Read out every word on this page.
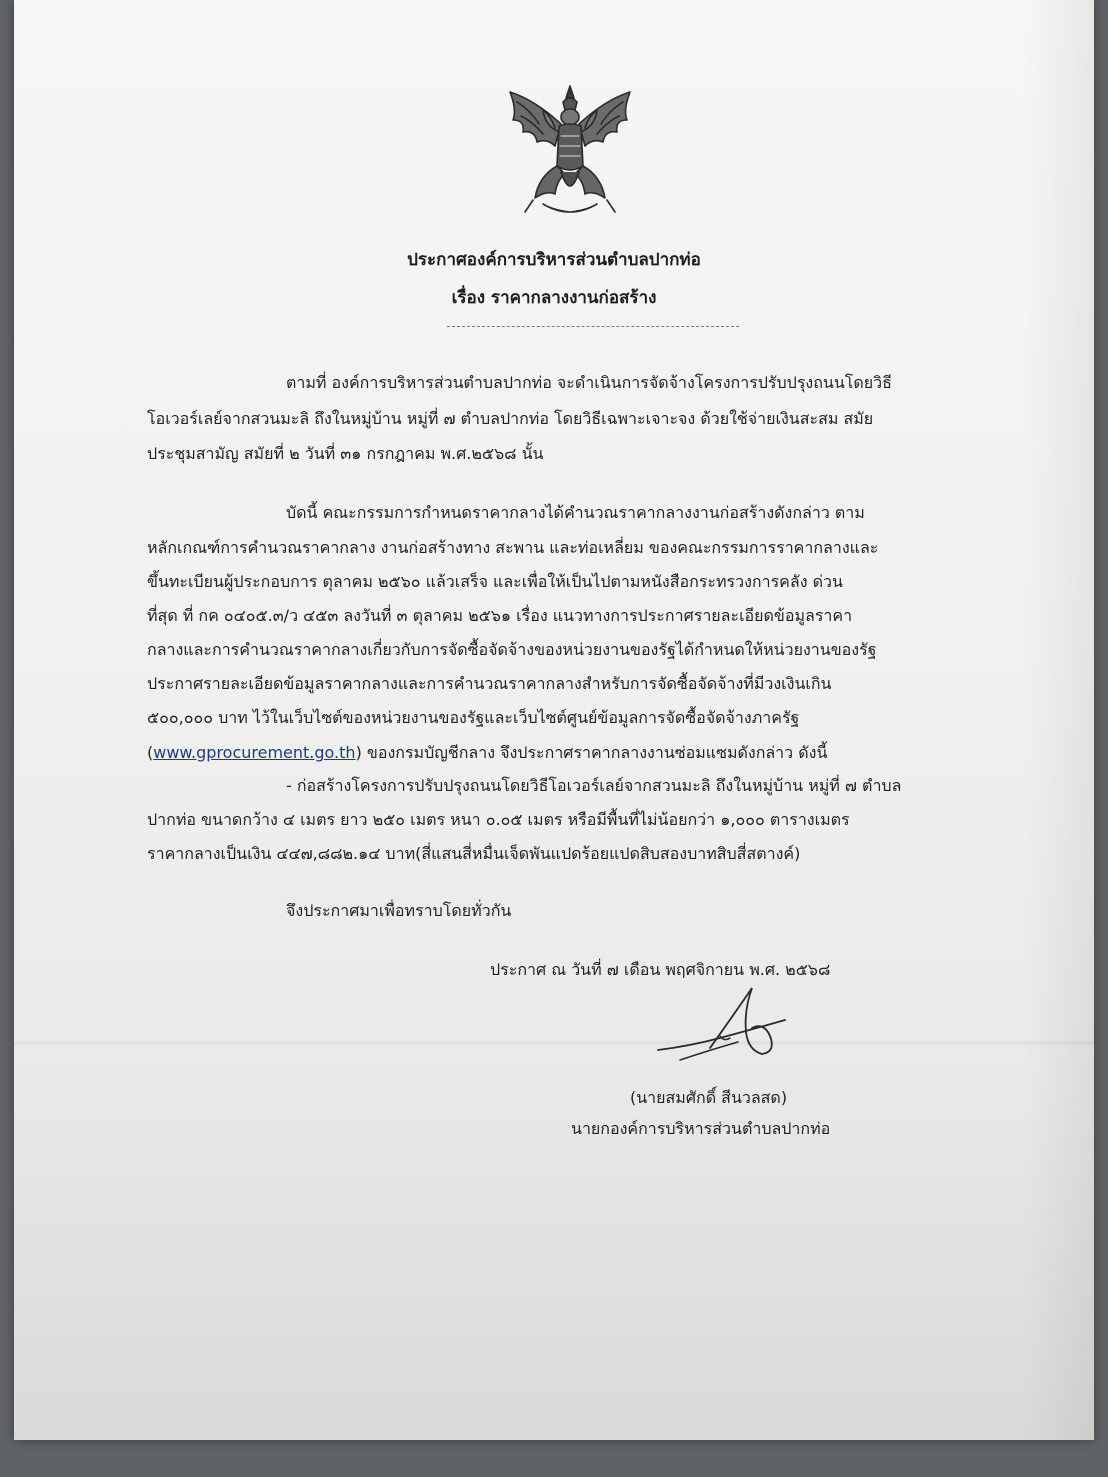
ประกาศองค์การบริหารส่วนตำบลปากท่อ
เรื่อง ราคากลางงานก่อสร้าง
ตามที่ องค์การบริหารส่วนตำบลปากท่อ จะดำเนินการจัดจ้างโครงการปรับปรุงถนนโดยวิธี
โอเวอร์เลย์จากสวนมะลิ ถึงในหมู่บ้าน หมู่ที่ ๗ ตำบลปากท่อ โดยวิธีเฉพาะเจาะจง ด้วยใช้จ่ายเงินสะสม สมัย
ประชุมสามัญ สมัยที่ ๒ วันที่ ๓๑ กรกฎาคม พ.ศ.๒๕๖๘ นั้น
บัดนี้ คณะกรรมการกำหนดราคากลางได้คำนวณราคากลางงานก่อสร้างดังกล่าว ตาม
หลักเกณฑ์การคำนวณราคากลาง งานก่อสร้างทาง สะพาน และท่อเหลี่ยม ของคณะกรรมการราคากลางและ
ขึ้นทะเบียนผู้ประกอบการ ตุลาคม ๒๕๖๐ แล้วเสร็จ และเพื่อให้เป็นไปตามหนังสือกระทรวงการคลัง ด่วน
ที่สุด ที่ กค ๐๔๐๕.๓/ว ๔๕๓ ลงวันที่ ๓ ตุลาคม ๒๕๖๑ เรื่อง แนวทางการประกาศรายละเอียดข้อมูลราคา
กลางและการคำนวณราคากลางเกี่ยวกับการจัดซื้อจัดจ้างของหน่วยงานของรัฐได้กำหนดให้หน่วยงานของรัฐ
ประกาศรายละเอียดข้อมูลราคากลางและการคำนวณราคากลางสำหรับการจัดซื้อจัดจ้างที่มีวงเงินเกิน
๕๐๐,๐๐๐ บาท ไว้ในเว็บไซต์ของหน่วยงานของรัฐและเว็บไซต์ศูนย์ข้อมูลการจัดซื้อจัดจ้างภาครัฐ
(www.gprocurement.go.th) ของกรมบัญชีกลาง จึงประกาศราคากลางงานซ่อมแซมดังกล่าว ดังนี้
- ก่อสร้างโครงการปรับปรุงถนนโดยวิธีโอเวอร์เลย์จากสวนมะลิ ถึงในหมู่บ้าน หมู่ที่ ๗ ตำบล
ปากท่อ ขนาดกว้าง ๔ เมตร ยาว ๒๕๐ เมตร หนา ๐.๐๕ เมตร หรือมีพื้นที่ไม่น้อยกว่า ๑,๐๐๐ ตารางเมตร
ราคากลางเป็นเงิน ๔๔๗,๘๘๒.๑๔ บาท(สี่แสนสี่หมื่นเจ็ดพันแปดร้อยแปดสิบสองบาทสิบสี่สตางค์)
จึงประกาศมาเพื่อทราบโดยทั่วกัน
ประกาศ ณ วันที่ ๗ เดือน พฤศจิกายน พ.ศ. ๒๕๖๘
(นายสมศักดิ์ สีนวลสด)
นายกองค์การบริหารส่วนตำบลปากท่อ
